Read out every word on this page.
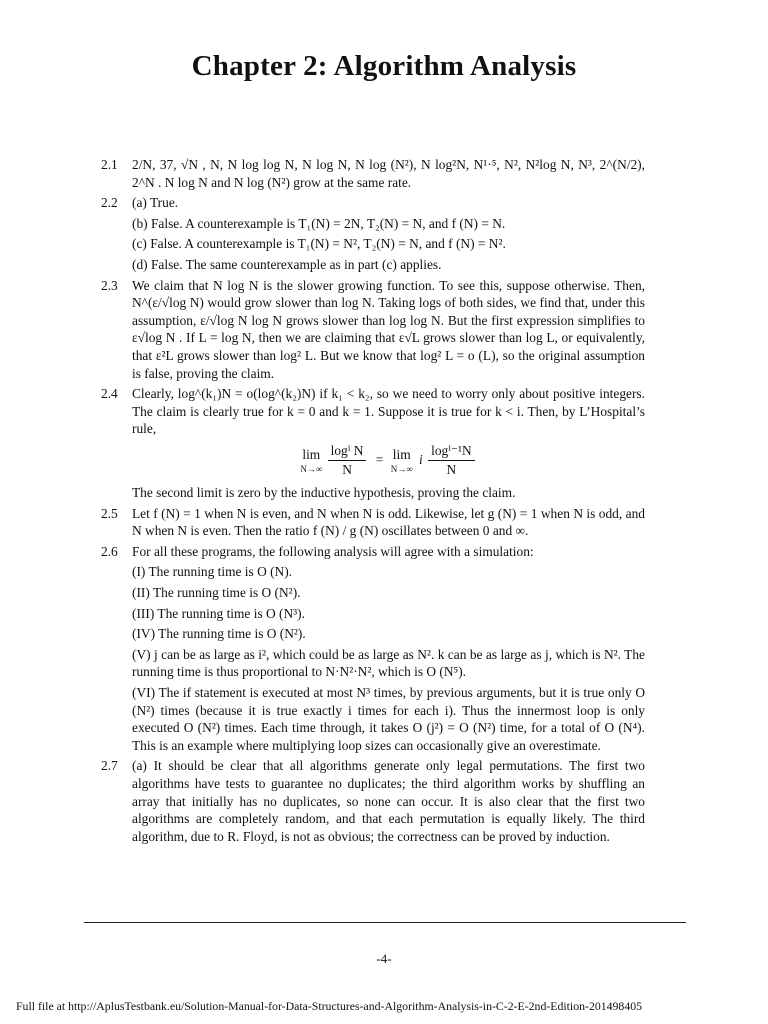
Chapter 2: Algorithm Analysis
2.1 2/N, 37, √N , N, N log log N, N log N, N log (N²), N log²N, N¹·⁵, N², N²log N, N³, 2^(N/2), 2^N . N log N and N log (N²) grow at the same rate.

2.2 (a) True.

(b) False. A counterexample is T₁(N) = 2N, T₂(N) = N, and f (N) = N.

(c) False. A counterexample is T₁(N) = N², T₂(N) = N, and f (N) = N².

(d) False. The same counterexample as in part (c) applies.

2.3 We claim that N log N is the slower growing function. To see this, suppose otherwise. Then, N^(ε/√log N) would grow slower than log N. Taking logs of both sides, we find that, under this assumption, ε/√log N log N grows slower than log log N. But the first expression simplifies to ε√log N . If L = log N, then we are claiming that ε√L grows slower than log L, or equivalently, that ε²L grows slower than log² L. But we know that log² L = o (L), so the original assumption is false, proving the claim.

2.4 Clearly, log^(k₁)N = o(log^(k₂)N) if k₁ < k₂, so we need to worry only about positive integers. The claim is clearly true for k = 0 and k = 1. Suppose it is true for k < i. Then, by L’Hospital’s rule,

lim
N→∞
$\frac{\text{logⁱ N}}{N} = \lim$
N→∞
i $\frac{\text{logⁱ⁻¹N}}{N}$

The second limit is zero by the inductive hypothesis, proving the claim.

2.5 Let f (N) = 1 when N is even, and N when N is odd. Likewise, let g (N) = 1 when N is odd, and N when N is even. Then the ratio f (N) / g (N) oscillates between 0 and ∞.

2.6 For all these programs, the following analysis will agree with a simulation:

(I) The running time is O (N).

(II) The running time is O (N²).

(III) The running time is O (N³).

(IV) The running time is O (N²).

(V) j can be as large as i², which could be as large as N². k can be as large as j, which is N². The running time is thus proportional to N·N²·N², which is O (N⁵).

(VI) The if statement is executed at most N³ times, by previous arguments, but it is true only O (N²) times (because it is true exactly i times for each i). Thus the innermost loop is only executed O (N²) times. Each time through, it takes O (j²) = O (N²) time, for a total of O (N⁴). This is an example where multiplying loop sizes can occasionally give an overestimate.

2.7 (a) It should be clear that all algorithms generate only legal permutations. The first two algorithms have tests to guarantee no duplicates; the third algorithm works by shuffling an array that initially has no duplicates, so none can occur. It is also clear that the first two algorithms are completely random, and that each permutation is equally likely. The third algorithm, due to R. Floyd, is not as obvious; the correctness can be proved by induction.

-4-
Full file at http://AplusTestbank.eu/Solution-Manual-for-Data-Structures-and-Algorithm-Analysis-in-C-2-E-2nd-Edition-201498405
